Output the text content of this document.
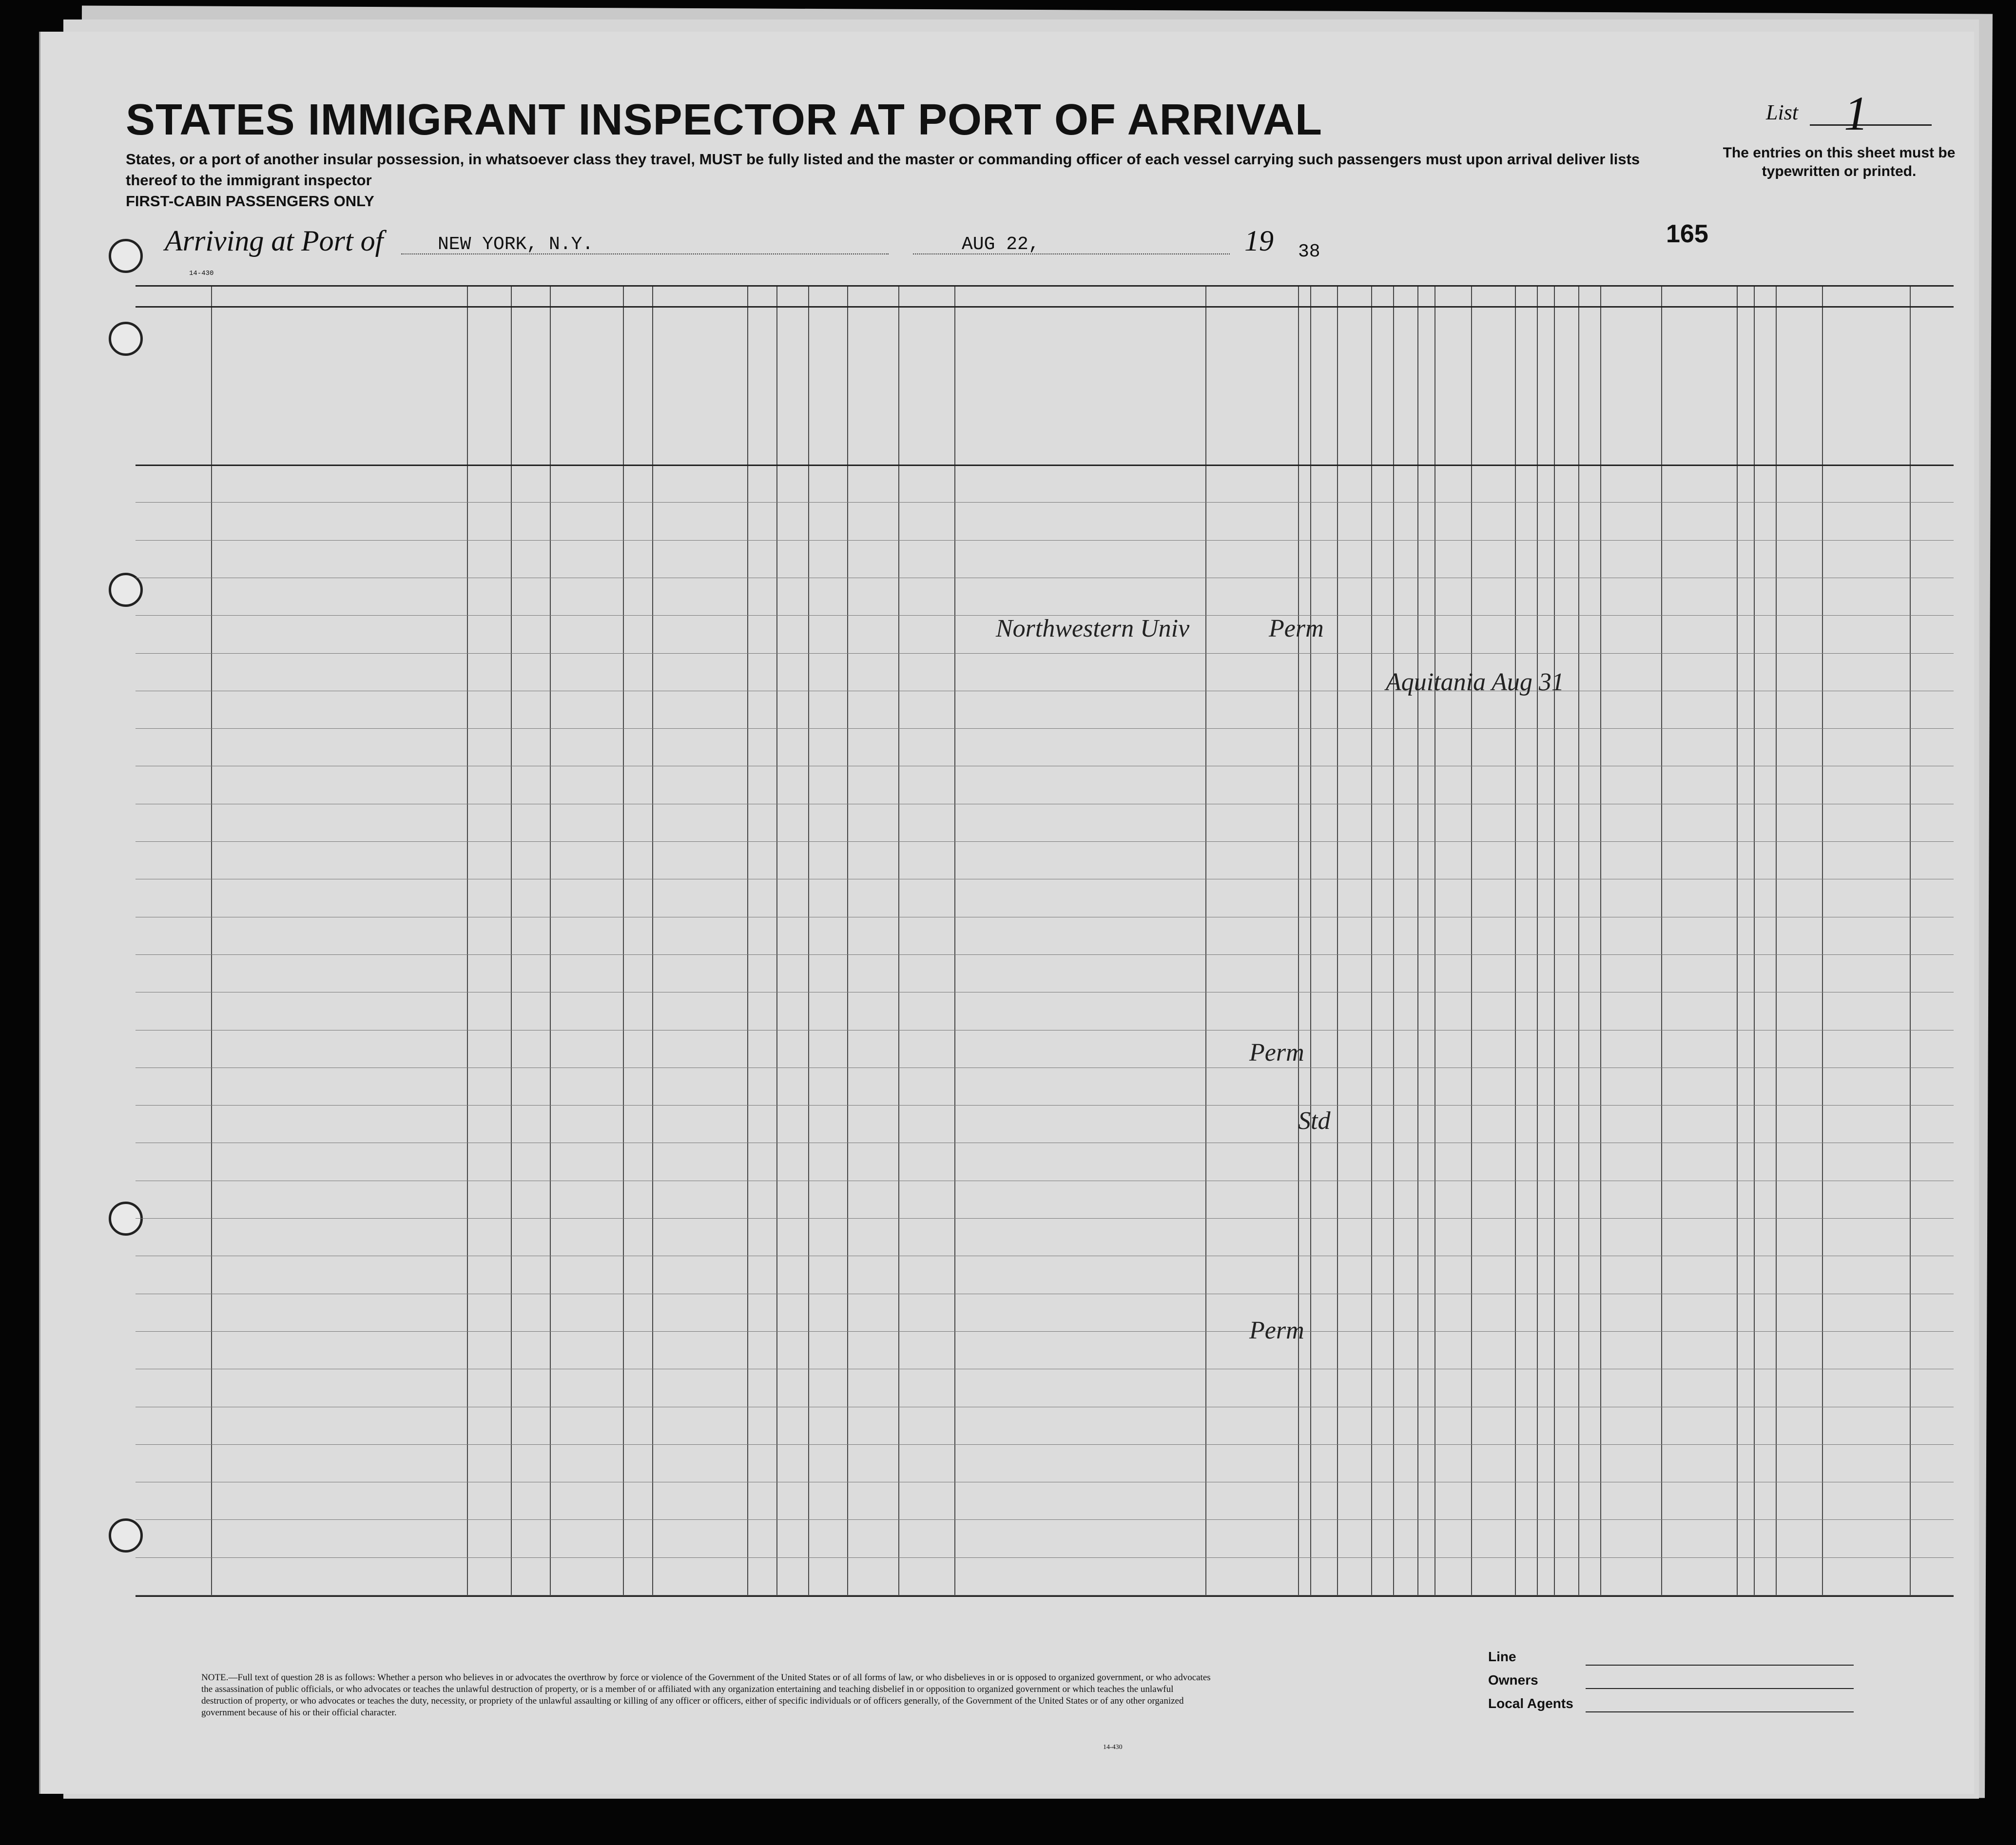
STATES IMMIGRANT INSPECTOR AT PORT OF ARRIVAL
States, or a port of another insular possession, in whatsoever class they travel, MUST be fully listed and the master or commanding officer of each vessel carrying such passengers must upon arrival deliver lists thereof to the immigrant inspector
FIRST-CABIN PASSENGERS ONLY
List 1
The entries on this sheet must be typewritten or printed.
Arriving at Port of	NEW YORK, N.Y.	AUG 22,	19 38
165
14-430
NOTE.—Full text of question 28 is as follows: Whether a person who believes in or advocates the overthrow by force or violence of the Government of the United States or of all forms of law, or who disbelieves in or is opposed to organized government, or who advocates the assassination of public officials, or who advocates or teaches the unlawful destruction of property, or is a member of or affiliated with any organization entertaining and teaching disbelief in or opposition to organized government or which teaches the unlawful destruction of property, or who advocates or teaches the duty, necessity, or propriety of the unlawful assaulting or killing of any officer or officers, either of specific individuals or of officers generally, of the Government of the United States or of any other organized government because of his or their official character.
14-430
Line
Owners
Local Agents
Northwestern Univ	Perm
Aquitania Aug 31
Perm
Perm
Std
